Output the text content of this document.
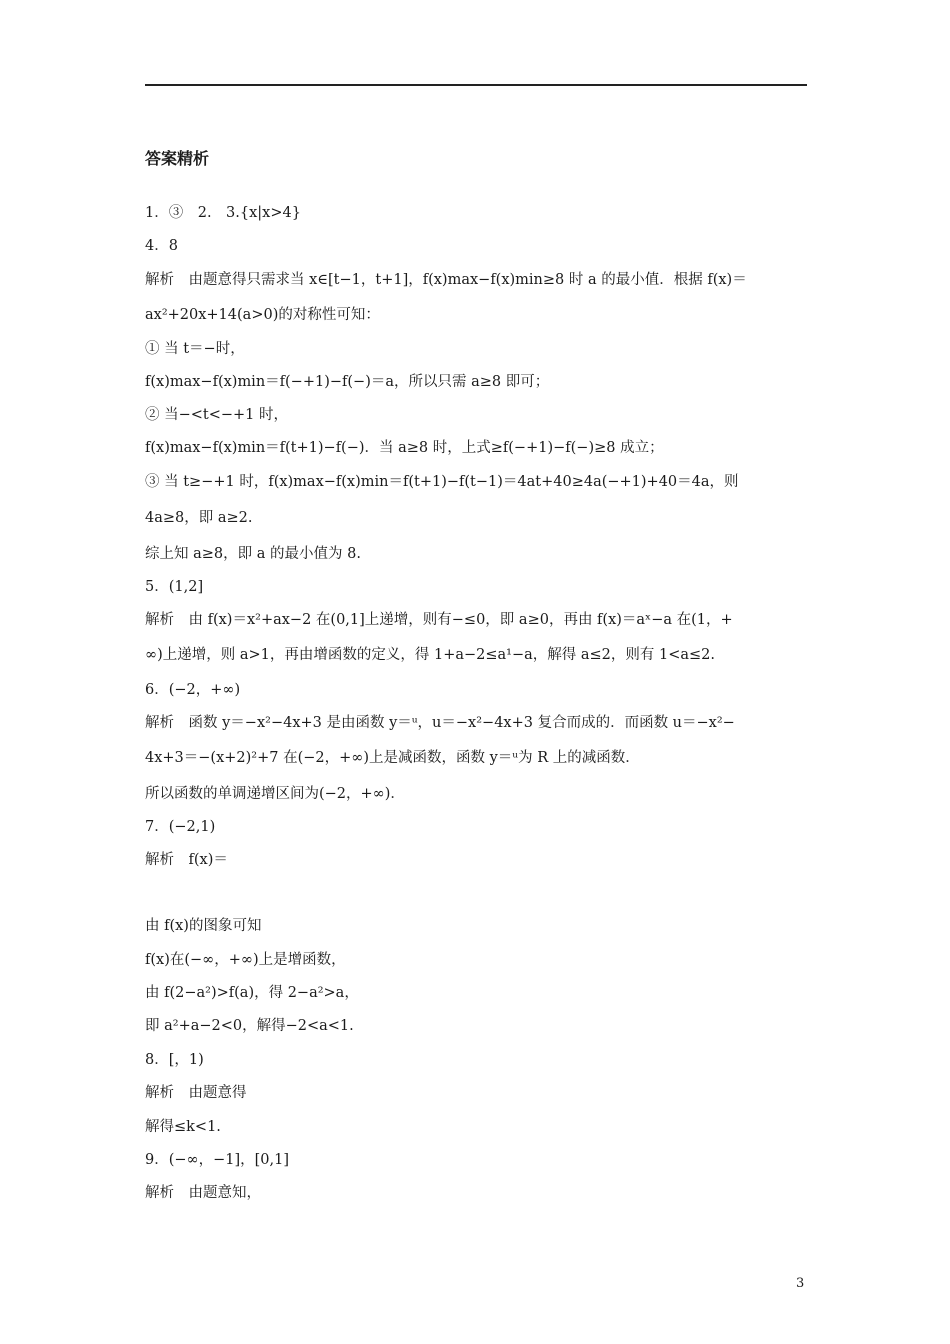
答案精析
1．③　2.　3.{x|x>4}
4．8
解析　由题意得只需求当 x∈[t−1，t+1]，f(x)max−f(x)min≥8 时 a 的最小值．根据 f(x)＝
ax²+20x+14(a>0)的对称性可知：
① 当 t＝−时，
f(x)max−f(x)min＝f(−+1)−f(−)＝a，所以只需 a≥8 即可；
② 当−<t<−+1 时，
f(x)max−f(x)min＝f(t+1)−f(−)．当 a≥8 时，上式≥f(−+1)−f(−)≥8 成立；
③ 当 t≥−+1 时，f(x)max−f(x)min＝f(t+1)−f(t−1)＝4at+40≥4a(−+1)+40＝4a，则
4a≥8，即 a≥2.
综上知 a≥8，即 a 的最小值为 8.
5．(1,2]
解析　由 f(x)＝x²+ax−2 在(0,1]上递增，则有−≤0，即 a≥0，再由 f(x)＝aˣ−a 在(1，+
∞)上递增，则 a>1，再由增函数的定义，得 1+a−2≤a¹−a，解得 a≤2，则有 1<a≤2.
6．(−2，+∞)
解析　函数 y＝−x²−4x+3 是由函数 y＝ᵘ，u＝−x²−4x+3 复合而成的．而函数 u＝−x²−
4x+3＝−(x+2)²+7 在(−2，+∞)上是减函数，函数 y＝ᵘ为 R 上的减函数．
所以函数的单调递增区间为(−2，+∞)．
7．(−2,1)
解析　f(x)＝
由 f(x)的图象可知
f(x)在(−∞，+∞)上是增函数，
由 f(2−a²)>f(a)，得 2−a²>a，
即 a²+a−2<0，解得−2<a<1.
8．[，1)
解析　由题意得
解得≤k<1.
9．(−∞，−1]，[0,1]
解析　由题意知，
3
